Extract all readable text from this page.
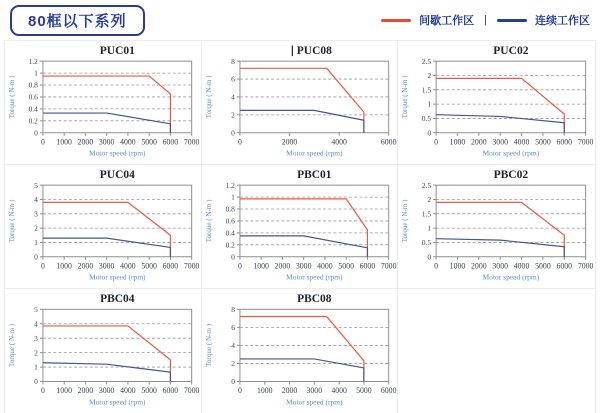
80框以下系列	间歇工作区 |	连续工作区
0
0.2
0.4
0.6
0.8
1
1.2
0 1000 2000 3000 4000 5000 6000 7000
PUC01
Torque ( N-m )
Motor speed (rpm)
0
2
4
6
8
0	2000	4000	6000
PUC08
Torque ( N-m )
Motor speed (rpm)
0
0.5
1
1.5
2
2.5
0 1000 2000 3000 4000 5000 6000 7000
PUC02
Torque ( N-m )
Motor speed (rpm)
0
1
2
3
4
5
0 1000 2000 3000 4000 5000 6000 7000
PUC04
Torque ( N-m )
Motor speed (rpm)
0
0.2
0.4
0.6
0.8
1
1.2
0 1000 2000 3000 4000 5000 6000 7000
PBC01
Torque ( N-m )
Motor speed (rpm)
0
0.5
1
1.5
2
2.5
0 1000 2000 3000 4000 5000 6000 7000
PBC02
Torque ( N-m )
Motor speed (rpm)
0
1
2
3
4
5
0 1000 2000 3000 4000 5000 6000 7000
PBC04
Torque ( N-m )
Motor speed (rpm)
0
2
4
6
8
0 1000 2000 3000 4000 5000 6000
PBC08
Torque ( N-m )
Motor speed (rpm)
